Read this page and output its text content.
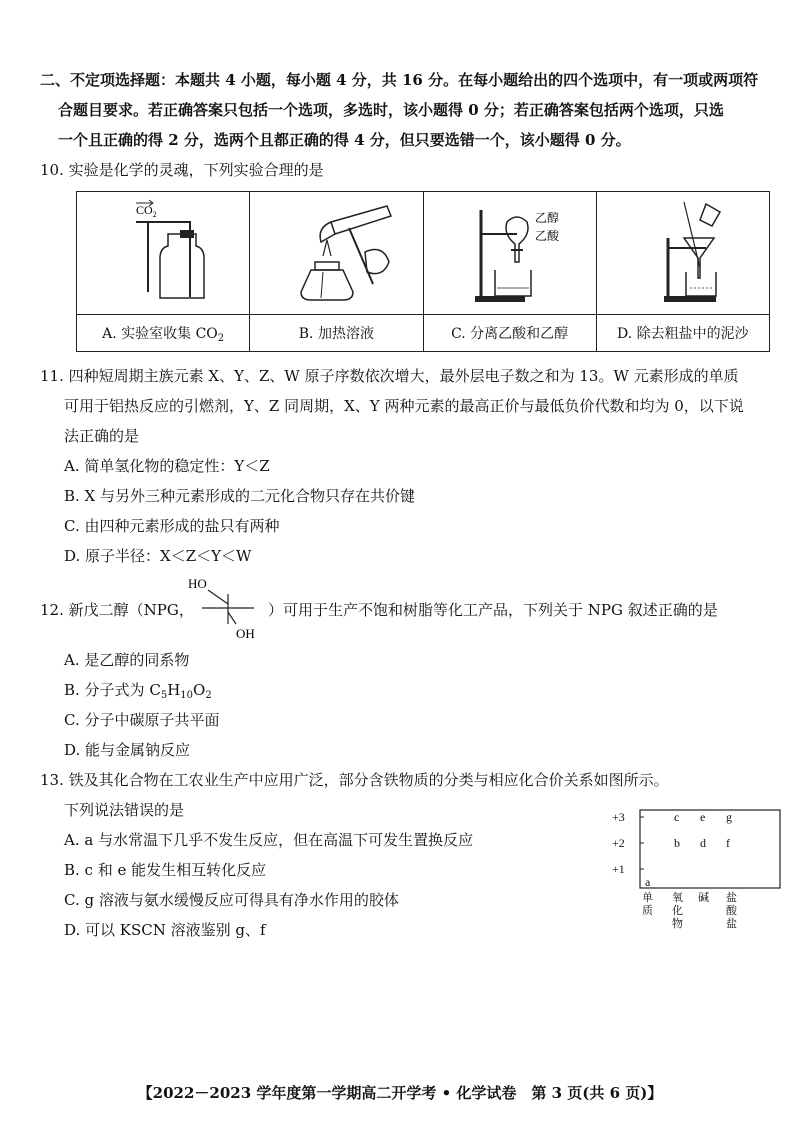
二、不定项选择题：本题共 4 小题，每小题 4 分，共 16 分。在每小题给出的四个选项中，有一项或两项符
合题目要求。若正确答案只包括一个选项，多选时，该小题得 0 分；若正确答案包括两个选项，只选
一个且正确的得 2 分，选两个且都正确的得 4 分，但只要选错一个，该小题得 0 分。
10. 实验是化学的灵魂，下列实验合理的是
$CO_2$		乙醇
乙酸

A. 实验室收集 $CO_2$	B. 加热溶液	C. 分离乙酸和乙醇	D. 除去粗盐中的泥沙
11. 四种短周期主族元素 X、Y、Z、W 原子序数依次增大，最外层电子数之和为 13。W 元素形成的单质
可用于铝热反应的引燃剂，Y、Z 同周期，X、Y 两种元素的最高正价与最低负价代数和均为 0，以下说
法正确的是
A. 简单氢化物的稳定性：Y＜Z
B. X 与另外三种元素形成的二元化合物只存在共价键
C. 由四种元素形成的盐只有两种
D. 原子半径：X＜Z＜Y＜W
12. 新戊二醇（NPG，
HO
OH
）可用于生产不饱和树脂等化工产品，下列关于 NPG 叙述正确的是
A. 是乙醇的同系物
B. 分子式为 $C_5H_{10}O_2$
C. 分子中碳原子共平面
D. 能与金属钠反应
13. 铁及其化合物在工农业生产中应用广泛，部分含铁物质的分类与相应化合价关系如图所示。
下列说法错误的是
A. a 与水常温下几乎不发生反应，但在高温下可发生置换反应
B. c 和 e 能发生相互转化反应
C. g 溶液与氨水缓慢反应可得具有净水作用的胶体
D. 可以 KSCN 溶液鉴别 g、f
+3
+2
+1
c e g
b d f
a
单质
氧化物
碱 盐酸盐
【2022－2023 学年度第一学期高二开学考 • 化学试卷　第 3 页(共 6 页)】
